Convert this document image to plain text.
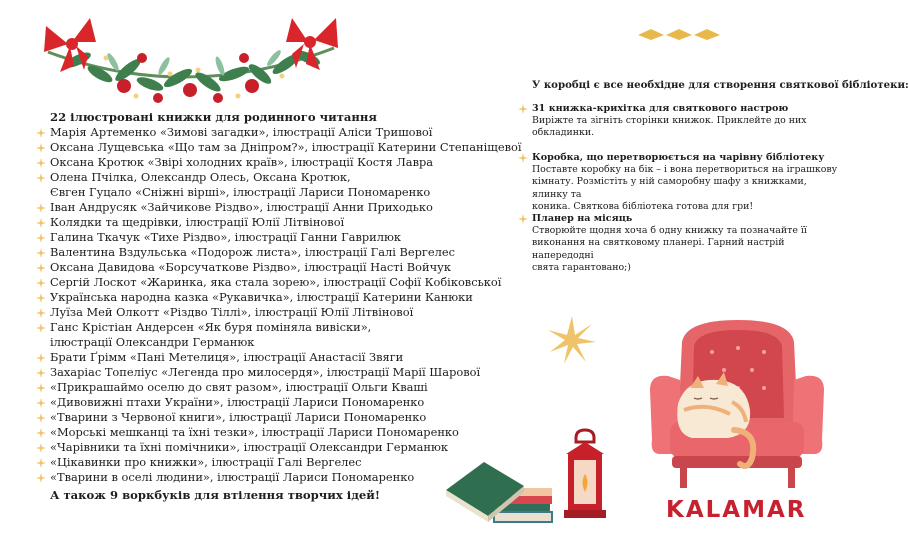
22 ілюстровані книжки для родинного читання
Марія Артеменко «Зимові загадки», ілюстрації Аліси Тришової
Оксана Лущевська «Що там за Дніпром?», ілюстрації Катерини Степаніщевої
Оксана Кротюк «Звірі холодних країв», ілюстрації Костя Лавра
Олена Пчілка, Олександр Олесь, Оксана Кротюк,
Євген Гуцало «Сніжні вірші», ілюстрації Лариси Пономаренко
Іван Андрусяк «Зайчикове Різдво», ілюстрації Анни Приходько
Колядки та щедрівки, ілюстрації Юлії Літвінової
Галина Ткачук «Тихе Різдво», ілюстрації Ганни Гаврилюк
Валентина Вздульська «Подорож листа», ілюстрації Галі Вергелес
Оксана Давидова «Борсучаткове Різдво», ілюстрації Насті Войчук
Сергій Лоскот «Жаринка, яка стала зорею», ілюстрації Софії Кобіковської
Українська народна казка «Рукавичка», ілюстрації Катерини Канюки
Луїза Мей Олкотт «Різдво Тіллі», ілюстрації Юлії Літвінової
Ганс Крістіан Андерсен «Як буря поміняла вивіски»,
ілюстрації Олександри Германюк
Брати Ґрімм «Пані Метелиця», ілюстрації Анастасії Звяги
Захаріас Топеліус «Легенда про милосердя», ілюстрації Марії Шарової
«Прикрашаймо оселю до свят разом», ілюстрації Ольги Кваші
«Дивовижні птахи України», ілюстрації Лариси Пономаренко
«Тварини з Червоної книги», ілюстрації Лариси Пономаренко
«Морські мешканці та їхні тезки», ілюстрації Лариси Пономаренко
«Чарівники та їхні помічники», ілюстрації Олександри Германюк
«Цікавинки про книжки», ілюстрації Галі Вергелес
«Тварини в оселі людини», ілюстрації Лариси Пономаренко
А також 9 воркбуків для втілення творчих ідей!
У коробці є все необхідне для створення святкової бібліотеки:
31 книжка-крихітка для святкового настрою
Виріжте та зігніть сторінки книжок. Приклейте до них
обкладинки.
Коробка, що перетворюється на чарівну бібліотеку
Поставте коробку на бік – і вона перетвориться на іграшкову
кімнату. Розмістіть у ній саморобну шафу з книжками, ялинку та
коника. Святкова бібліотека готова для гри!
Планер на місяць
Створюйте щодня хоча б одну книжку та позначайте її
виконання на святковому планері. Гарний настрій напередодні
свята гарантовано;)
KALAMAR
